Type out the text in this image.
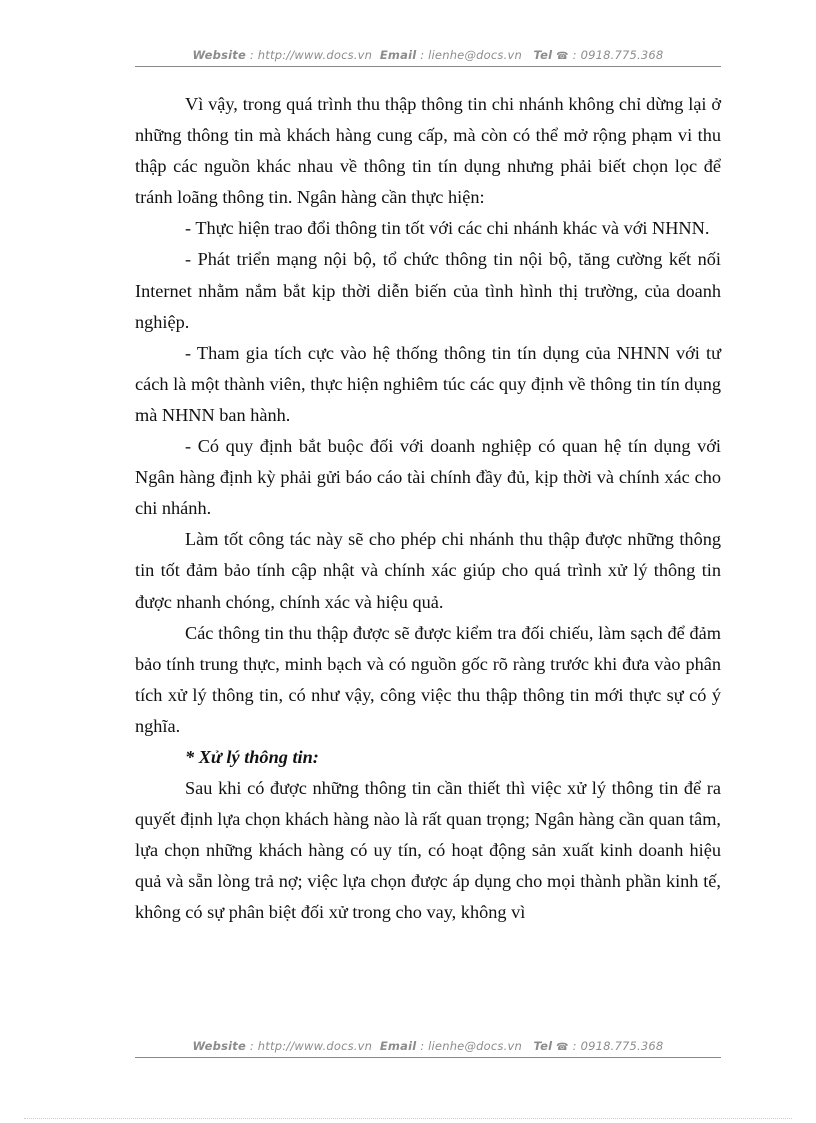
Website : http://www.docs.vn Email : lienhe@docs.vn Tel ☎ : 0918.775.368

Vì vậy, trong quá trình thu thập thông tin chi nhánh không chỉ dừng lại ở những thông tin mà khách hàng cung cấp, mà còn có thể mở rộng phạm vi thu thập các nguồn khác nhau về thông tin tín dụng nhưng phải biết chọn lọc để tránh loãng thông tin. Ngân hàng cần thực hiện:

- Thực hiện trao đổi thông tin tốt với các chi nhánh khác và với NHNN.

- Phát triển mạng nội bộ, tổ chức thông tin nội bộ, tăng cường kết nối Internet nhằm nắm bắt kịp thời diễn biến của tình hình thị trường, của doanh nghiệp.

- Tham gia tích cực vào hệ thống thông tin tín dụng của NHNN với tư cách là một thành viên, thực hiện nghiêm túc các quy định về thông tin tín dụng mà NHNN ban hành.

- Có quy định bắt buộc đối với doanh nghiệp có quan hệ tín dụng với Ngân hàng định kỳ phải gửi báo cáo tài chính đầy đủ, kịp thời và chính xác cho chi nhánh.

Làm tốt công tác này sẽ cho phép chi nhánh thu thập được những thông tin tốt đảm bảo tính cập nhật và chính xác giúp cho quá trình xử lý thông tin được nhanh chóng, chính xác và hiệu quả.

Các thông tin thu thập được sẽ được kiểm tra đối chiếu, làm sạch để đảm bảo tính trung thực, minh bạch và có nguồn gốc rõ ràng trước khi đưa vào phân tích xử lý thông tin, có như vậy, công việc thu thập thông tin mới thực sự có ý nghĩa.

* Xử lý thông tin:

Sau khi có được những thông tin cần thiết thì việc xử lý thông tin để ra quyết định lựa chọn khách hàng nào là rất quan trọng; Ngân hàng cần quan tâm, lựa chọn những khách hàng có uy tín, có hoạt động sản xuất kinh doanh hiệu quả và sẵn lòng trả nợ; việc lựa chọn được áp dụng cho mọi thành phần kinh tế, không có sự phân biệt đối xử trong cho vay, không vì

Website : http://www.docs.vn Email : lienhe@docs.vn Tel ☎ : 0918.775.368
